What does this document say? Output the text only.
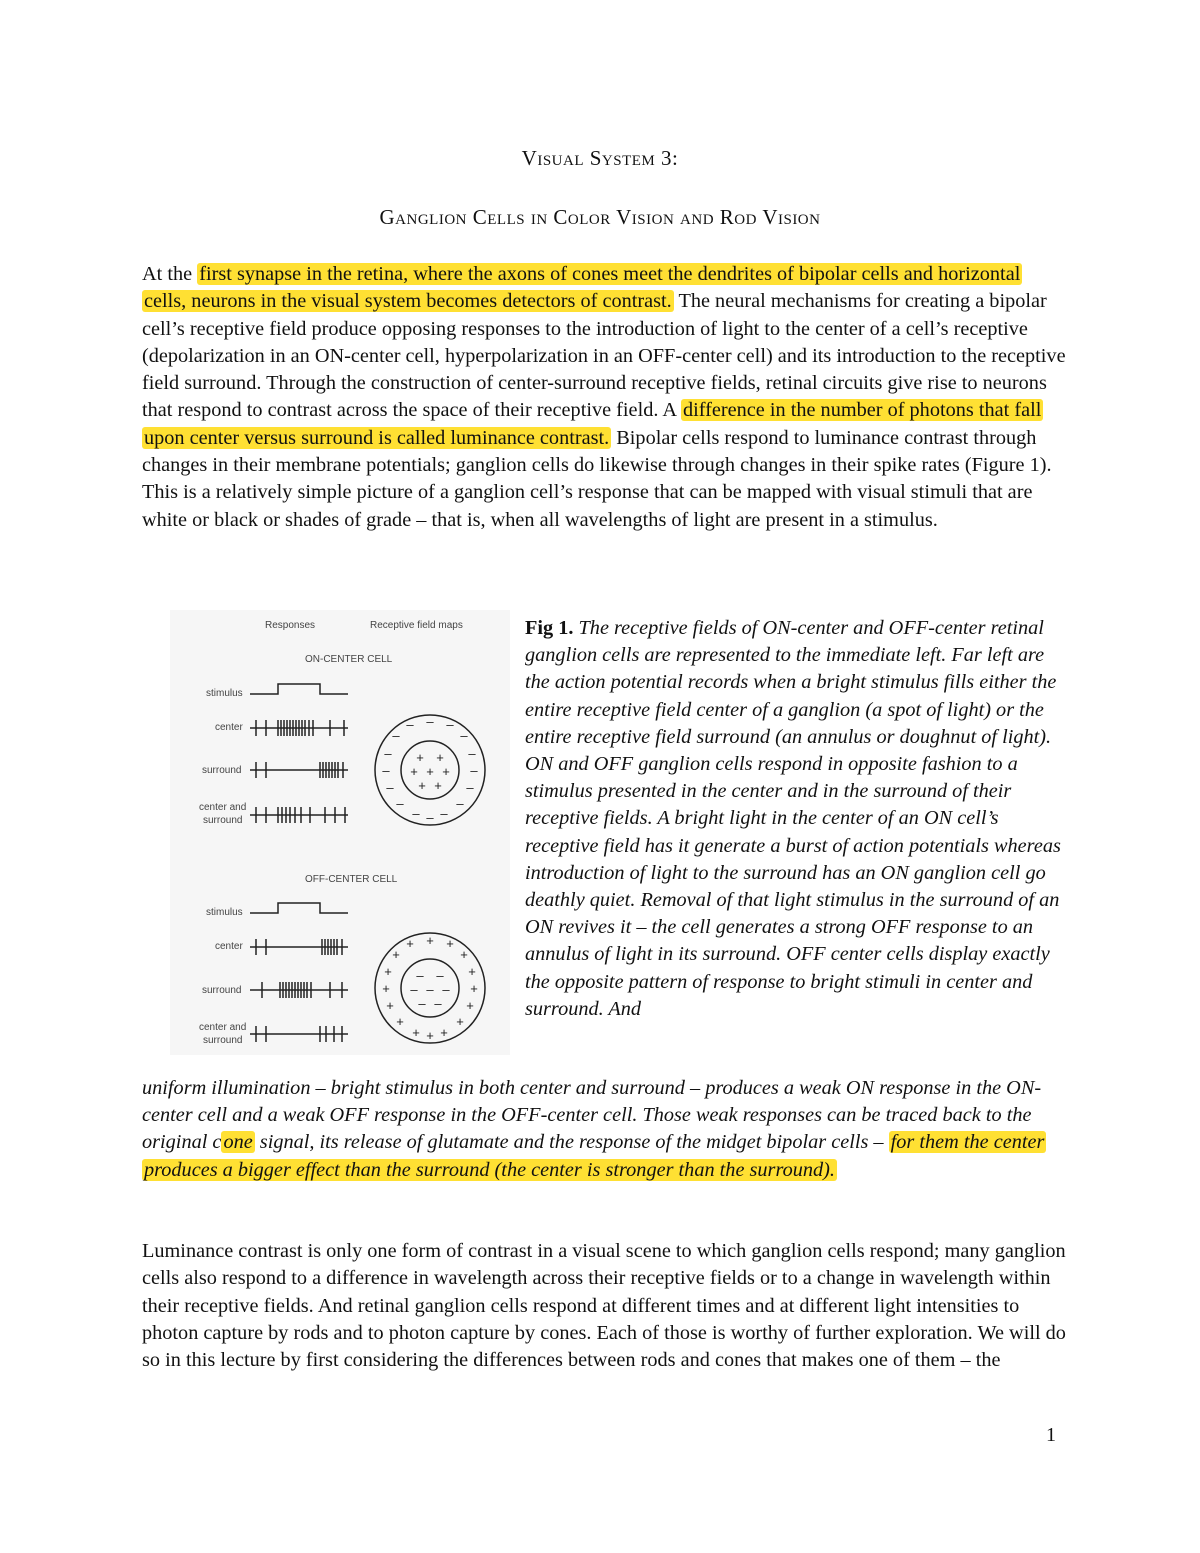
Visual System 3:
Ganglion Cells in Color Vision and Rod Vision

At the first synapse in the retina, where the axons of cones meet the dendrites of bipolar cells and horizontal cells, neurons in the visual system becomes detectors of contrast. The neural mechanisms for creating a bipolar cell’s receptive field produce opposing responses to the introduction of light to the center of a cell’s receptive (depolarization in an ON-center cell, hyperpolarization in an OFF-center cell) and its introduction to the receptive field surround. Through the construction of center-surround receptive fields, retinal circuits give rise to neurons that respond to contrast across the space of their receptive field. A difference in the number of photons that fall upon center versus surround is called luminance contrast. Bipolar cells respond to luminance contrast through changes in their membrane potentials; ganglion cells do likewise through changes in their spike rates (Figure 1). This is a relatively simple picture of a ganglion cell’s response that can be mapped with visual stimuli that are white or black or shades of grade – that is, when all wavelengths of light are present in a stimulus.

Responses	Receptive field maps
ON-CENTER CELL
OFF-CENTER CELL
stimulus
center
surround
center and
surround
stimulus
center
surround
center and
surround
+ +
+ + +
+ +
–
–	–
–	–
–	–
–	–
–	–
–	–
– –
–
– –
– – –
– –
+
+ +
+	+
+	+
+	+
+	+
+	+
+ +
+

Fig 1. The receptive fields of ON-center and OFF-center retinal ganglion cells are represented to the immediate left. Far left are the action potential records when a bright stimulus fills either the entire receptive field center of a ganglion (a spot of light) or the entire receptive field surround (an annulus or doughnut of light). ON and OFF ganglion cells respond in opposite fashion to a stimulus presented in the center and in the surround of their receptive fields. A bright light in the center of an ON cell’s receptive field has it generate a burst of action potentials whereas introduction of light to the surround has an ON ganglion cell go deathly quiet. Removal of that light stimulus in the surround of an ON revives it – the cell generates a strong OFF response to an annulus of light in its surround. OFF center cells display exactly the opposite pattern of response to bright stimuli in center and surround. And

uniform illumination – bright stimulus in both center and surround – produces a weak ON response in the ON-center cell and a weak OFF response in the OFF-center cell. Those weak responses can be traced back to the original cone signal, its release of glutamate and the response of the midget bipolar cells – for them the center produces a bigger effect than the surround (the center is stronger than the surround).

Luminance contrast is only one form of contrast in a visual scene to which ganglion cells respond; many ganglion cells also respond to a difference in wavelength across their receptive fields or to a change in wavelength within their receptive fields. And retinal ganglion cells respond at different times and at different light intensities to photon capture by rods and to photon capture by cones. Each of those is worthy of further exploration. We will do so in this lecture by first considering the differences between rods and cones that makes one of them – the

1
